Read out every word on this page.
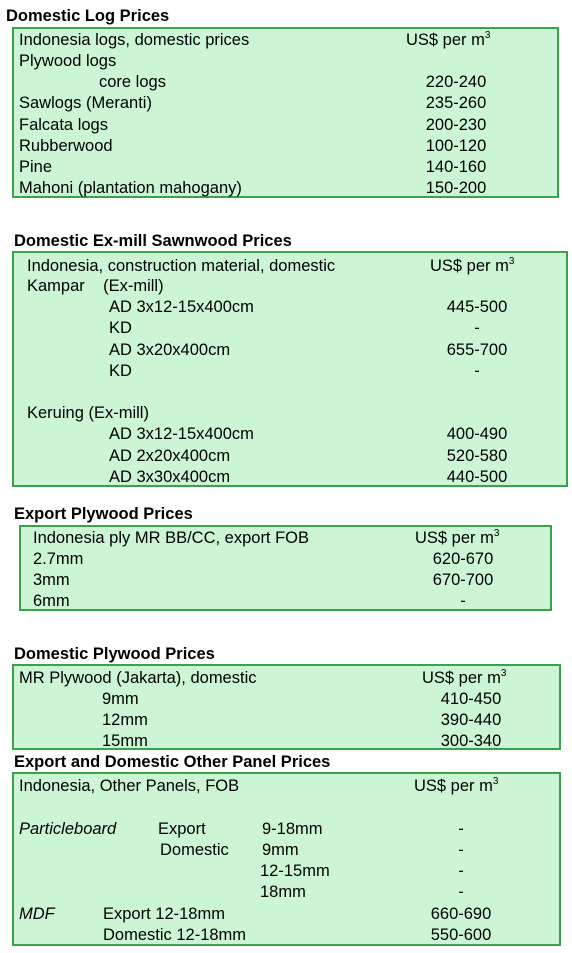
Domestic Log Prices
Indonesia logs, domestic prices	US$ per $m^3$
Plywood logs
core logs	220-240
Sawlogs (Meranti)	235-260
Falcata logs	200-230
Rubberwood	100-120
Pine	140-160
Mahoni (plantation mahogany)	150-200
Domestic Ex-mill Sawnwood Prices
Indonesia, construction material, domestic	US$ per $m^3$
Kampar    (Ex-mill)
AD 3x12-15x400cm	445-500
KD	-
AD 3x20x400cm	655-700
KD	-
Keruing (Ex-mill)
AD 3x12-15x400cm	400-490
AD 2x20x400cm	520-580
AD 3x30x400cm	440-500
Export Plywood Prices
Indonesia ply MR BB/CC, export FOB	US$ per $m^3$
2.7mm	620-670
3mm	670-700
6mm	-
Domestic Plywood Prices
MR Plywood (Jakarta), domestic	US$ per $m^3$
9mm	410-450
12mm	390-440
15mm	300-340
Export and Domestic Other Panel Prices
Indonesia, Other Panels, FOB	US$ per $m^3$
Particleboard	Export	9-18mm	-
Domestic 9mm	-
12-15mm	-
18mm	-
MDF	Export 12-18mm	660-690
Domestic 12-18mm	550-600
